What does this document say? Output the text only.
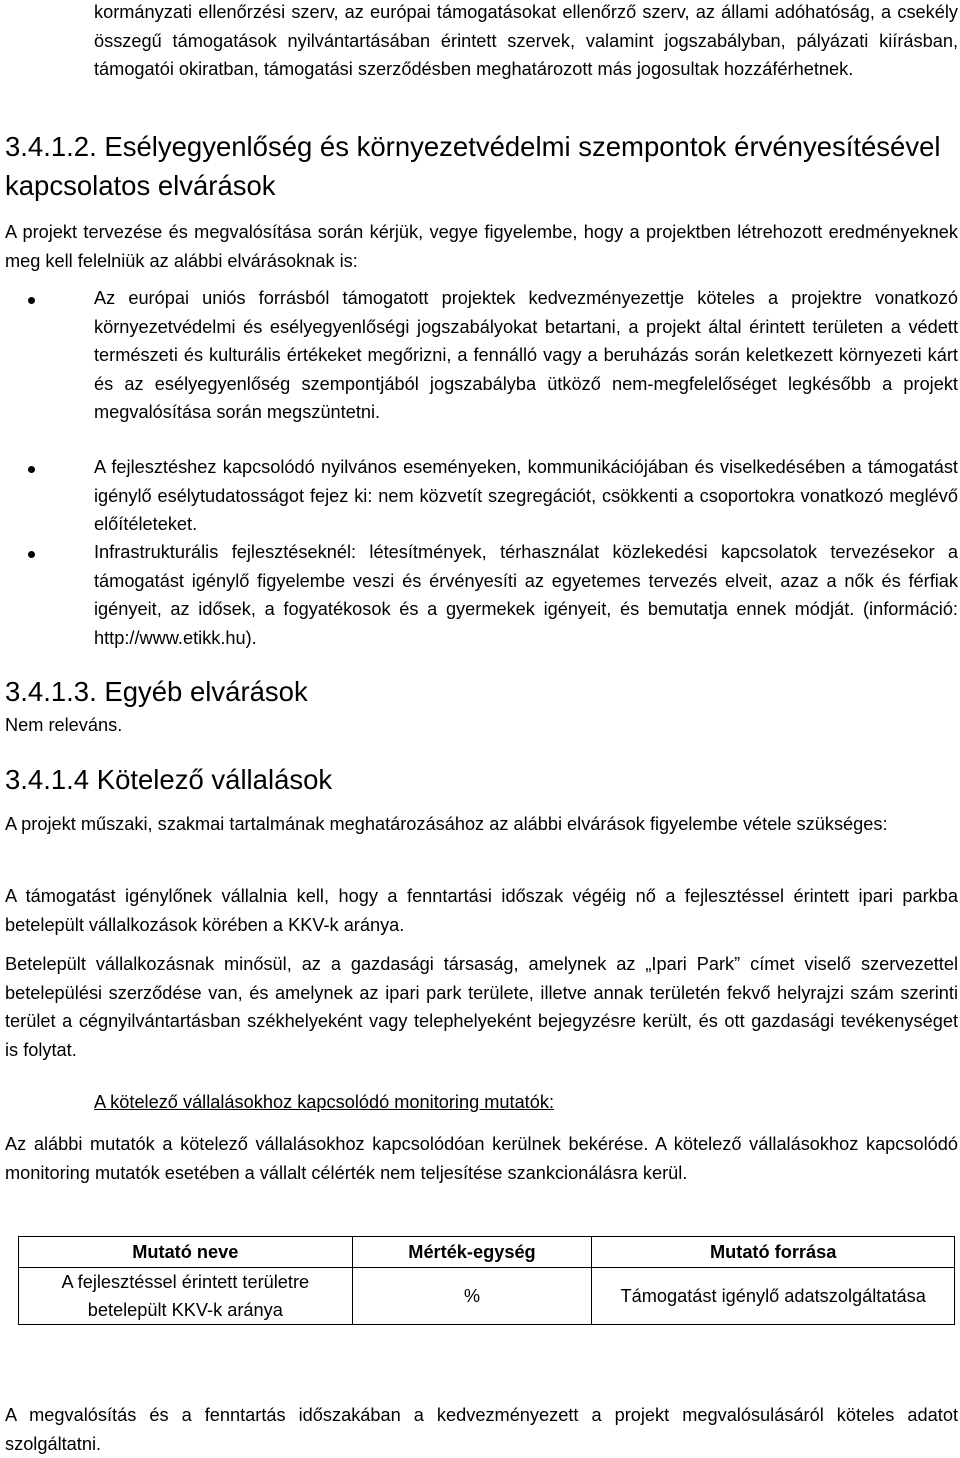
kormányzati ellenőrzési szerv, az európai támogatásokat ellenőrző szerv, az állami adóhatóság, a csekély összegű támogatások nyilvántartásában érintett szervek, valamint jogszabályban, pályázati kiírásban, támogatói okiratban, támogatási szerződésben meghatározott más jogosultak hozzáférhetnek.

3.4.1.2. Esélyegyenlőség és környezetvédelmi szempontok érvényesítésével kapcsolatos elvárások

A projekt tervezése és megvalósítása során kérjük, vegye figyelembe, hogy a projektben létrehozott eredményeknek meg kell felelniük az alábbi elvárásoknak is:

Az európai uniós forrásból támogatott projektek kedvezményezettje köteles a projektre vonatkozó környezetvédelmi és esélyegyenlőségi jogszabályokat betartani, a projekt által érintett területen a védett természeti és kulturális értékeket megőrizni, a fennálló vagy a beruházás során keletkezett környezeti kárt és az esélyegyenlőség szempontjából jogszabályba ütköző nem-megfelelőséget legkésőbb a projekt megvalósítása során megszüntetni.

A fejlesztéshez kapcsolódó nyilvános eseményeken, kommunikációjában és viselkedésében a támogatást igénylő esélytudatosságot fejez ki: nem közvetít szegregációt, csökkenti a csoportokra vonatkozó meglévő előítéleteket.

Infrastrukturális fejlesztéseknél: létesítmények, térhasználat közlekedési kapcsolatok tervezésekor a támogatást igénylő figyelembe veszi és érvényesíti az egyetemes tervezés elveit, azaz a nők és férfiak igényeit, az idősek, a fogyatékosok és a gyermekek igényeit, és bemutatja ennek módját. (információ: http://www.etikk.hu).

3.4.1.3. Egyéb elvárások

Nem releváns.

3.4.1.4 Kötelező vállalások

A projekt műszaki, szakmai tartalmának meghatározásához az alábbi elvárások figyelembe vétele szükséges:

A támogatást igénylőnek vállalnia kell, hogy a fenntartási időszak végéig nő a fejlesztéssel érintett ipari parkba betelepült vállalkozások körében a KKV-k aránya.

Betelepült vállalkozásnak minősül, az a gazdasági társaság, amelynek az „Ipari Park” címet viselő szervezettel betelepülési szerződése van, és amelynek az ipari park területe, illetve annak területén fekvő helyrajzi szám szerinti terület a cégnyilvántartásban székhelyeként vagy telephelyeként bejegyzésre került, és ott gazdasági tevékenységet is folytat.

A kötelező vállalásokhoz kapcsolódó monitoring mutatók:

Az alábbi mutatók a kötelező vállalásokhoz kapcsolódóan kerülnek bekérése. A kötelező vállalásokhoz kapcsolódó monitoring mutatók esetében a vállalt célérték nem teljesítése szankcionálásra kerül.

Mutató neve	Mérték-egység	Mutató forrása
A fejlesztéssel érintett területre betelepült KKV-k aránya	%	Támogatást igénylő adatszolgáltatása

A megvalósítás és a fenntartás időszakában a kedvezményezett a projekt megvalósulásáról köteles adatot szolgáltatni.
